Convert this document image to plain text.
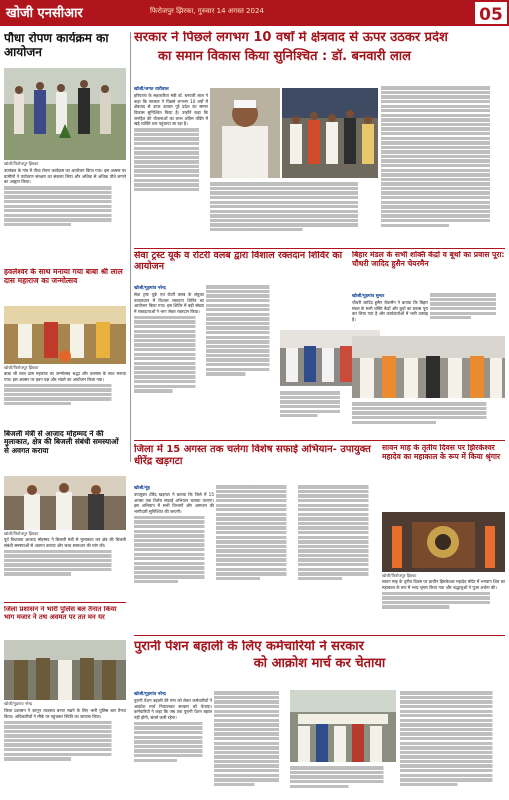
खोजी एनसीआर	फिरोजपुर झिरका, गुरुवार 14 अगस्त 2024	05
पौधा रोपण कार्यक्रम का आयोजन
खोजी/फिरोजपुर झिरका
उपमंडल के गांव में पौधा रोपण कार्यक्रम का आयोजन किया गया। इस अवसर पर ग्रामीणों ने पर्यावरण संरक्षण का संकल्प लिया और अधिक से अधिक पौधे लगाने का आह्वान किया।
सरकार ने पिछले लगभग 10 वर्षों में क्षेत्रवाद से ऊपर उठकर प्रदेश
का समान विकास किया सुनिश्चित : डॉ. बनवारी लाल
खोजी/जगत धारीवाल
हरियाणा के सहकारिता मंत्री डॉ. बनवारी लाल ने कहा कि सरकार ने पिछले लगभग 10 वर्षों में क्षेत्रवाद से ऊपर उठकर पूरे प्रदेश का समान विकास सुनिश्चित किया है। उन्होंने कहा कि जनहित की योजनाओं का लाभ अंतिम पंक्ति में खड़े व्यक्ति तक पहुंचाया जा रहा है।
हवलेश्वर के साथ मनाया गया बाबा श्री लाल दास महाराज का जन्मोत्सव
खोजी/फिरोजपुर झिरका
बाबा श्री लाल दास महाराज का जन्मोत्सव श्रद्धा और उल्लास के साथ मनाया गया। इस अवसर पर हवन यज्ञ और भंडारे का आयोजन किया गया।
बिजली मंत्री से आजाद मोहम्मद ने की मुलाकात, क्षेत्र की बिजली संबंधी समस्याओं से अवगत कराया
खोजी/फिरोजपुर झिरका
पूर्व विधायक आजाद मोहम्मद ने बिजली मंत्री से मुलाकात कर क्षेत्र की बिजली संबंधी समस्याओं से अवगत कराया और जल्द समाधान की मांग की।
सेवा ट्रस्ट यूके व रोटरी वलब द्वारा विशाल रक्तदान शिविर का आयोजन
खोजी/गुड़गांव नरेन्द्र
सेवा ट्रस्ट यूके एवं रोटरी क्लब के संयुक्त तत्वावधान में विशाल रक्तदान शिविर का आयोजन किया गया। इस शिविर में बड़ी संख्या में रक्तदाताओं ने भाग लेकर रक्तदान किया।
बिहार मंडल के सभी शक्ति केंद्रों व बूथों का प्रवास पूरा: चौधरी जादिद हुसैन चेयरमैन
खोजी/गुड़गांव सुन्दर
चौधरी जादिद हुसैन चेयरमैन ने बताया कि बिहार मंडल के सभी शक्ति केंद्रों और बूथों का प्रवास पूरा कर लिया गया है और कार्यकर्ताओं में भारी उत्साह है।
जिला में 15 अगस्त तक चलेगा विशेष सफाई अभियान- उपायुक्त धीरेंद्र खड़गटा
खोजी/नूंह
उपायुक्त धीरेंद्र खड़गटा ने बताया कि जिले में 15 अगस्त तक विशेष सफाई अभियान चलाया जाएगा। इस अभियान में सभी विभागों और आमजन की भागीदारी सुनिश्चित की जाएगी।
सावन माह के तृतीय दिवस पर झिरकेश्वर महादेव का महाकाल के रूप में किया श्रृंगार
खोजी/फिरोजपुर झिरका
सावन माह के तृतीय दिवस पर प्राचीन झिरकेश्वर महादेव मंदिर में भगवान शिव का महाकाल के रूप में भव्य श्रृंगार किया गया और श्रद्धालुओं ने पूजा अर्चना की।
पुरानी पेंशन बहाली के लिए कर्मचारियों ने सरकार
को आक्रोश मार्च कर चेताया
खोजी/गुड़गांव नरेन्द्र
पुरानी पेंशन बहाली की मांग को लेकर कर्मचारियों ने आक्रोश मार्च निकालकर सरकार को चेताया। कर्मचारियों ने कहा कि जब तक पुरानी पेंशन बहाल नहीं होगी, संघर्ष जारी रहेगा।
जिला प्रशासन ने भारी पुलिस बल तैनात किया भाग मजार ने तथ अवमत पर तत मन यर
खोजी/गुड़गांव नरेन्द्र
जिला प्रशासन ने कानून व्यवस्था बनाए रखने के लिए भारी पुलिस बल तैनात किया। अधिकारियों ने मौके पर पहुंचकर स्थिति का जायजा लिया।
